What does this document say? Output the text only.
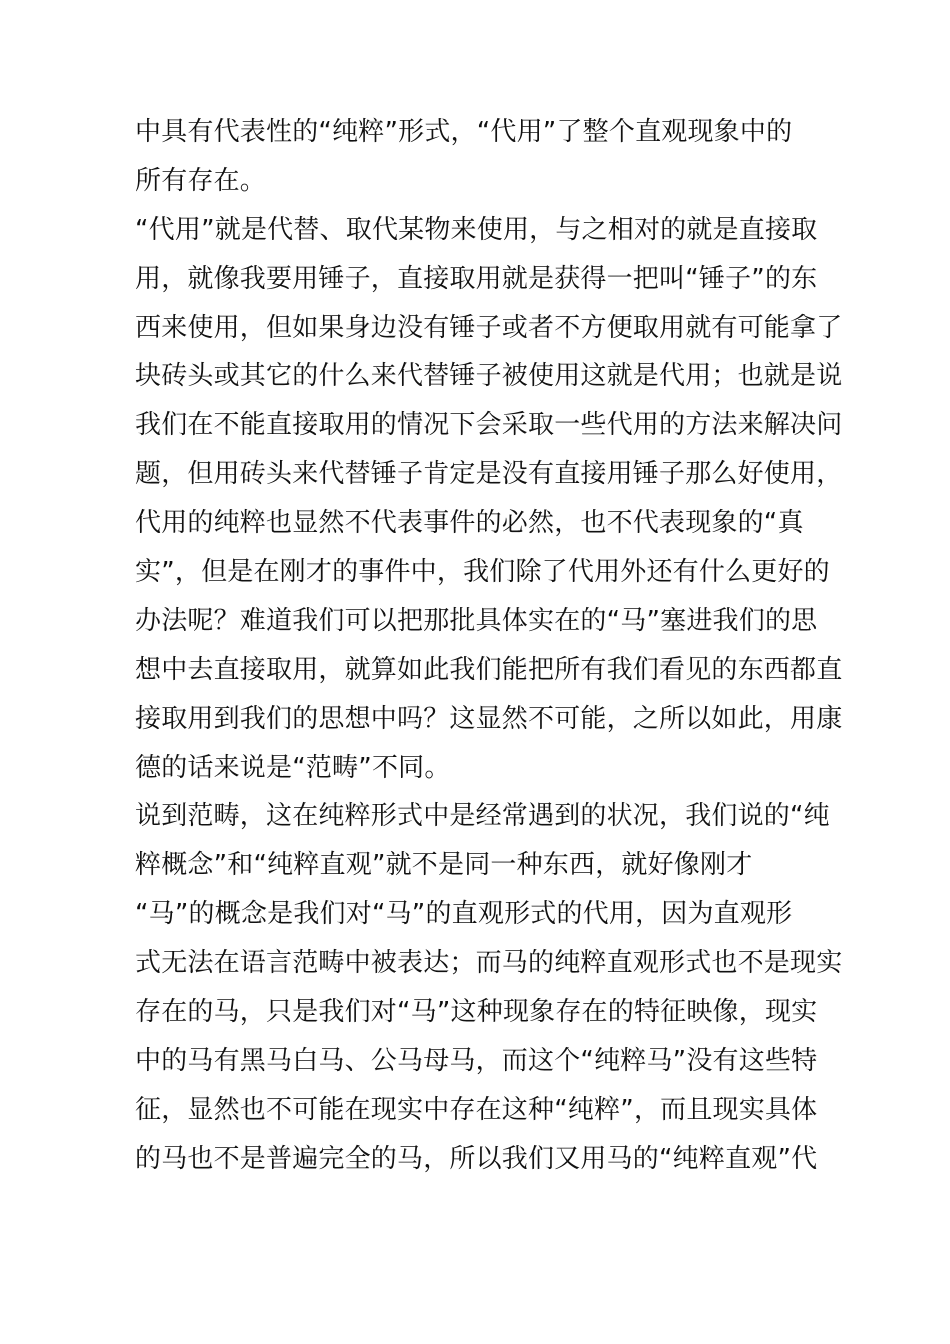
中具有代表性的“纯粹”形式，“代用”了整个直观现象中的
所有存在。
“代用”就是代替、取代某物来使用，与之相对的就是直接取
用，就像我要用锤子，直接取用就是获得一把叫“锤子”的东
西来使用，但如果身边没有锤子或者不方便取用就有可能拿了
块砖头或其它的什么来代替锤子被使用这就是代用；也就是说
我们在不能直接取用的情况下会采取一些代用的方法来解决问
题，但用砖头来代替锤子肯定是没有直接用锤子那么好使用，
代用的纯粹也显然不代表事件的必然，也不代表现象的“真
实”，但是在刚才的事件中，我们除了代用外还有什么更好的
办法呢？难道我们可以把那批具体实在的“马”塞进我们的思
想中去直接取用，就算如此我们能把所有我们看见的东西都直
接取用到我们的思想中吗？这显然不可能，之所以如此，用康
德的话来说是“范畴”不同。
说到范畴，这在纯粹形式中是经常遇到的状况，我们说的“纯
粹概念”和“纯粹直观”就不是同一种东西，就好像刚才
“马”的概念是我们对“马”的直观形式的代用，因为直观形
式无法在语言范畴中被表达；而马的纯粹直观形式也不是现实
存在的马，只是我们对“马”这种现象存在的特征映像，现实
中的马有黑马白马、公马母马，而这个“纯粹马”没有这些特
征，显然也不可能在现实中存在这种“纯粹”，而且现实具体
的马也不是普遍完全的马，所以我们又用马的“纯粹直观”代
